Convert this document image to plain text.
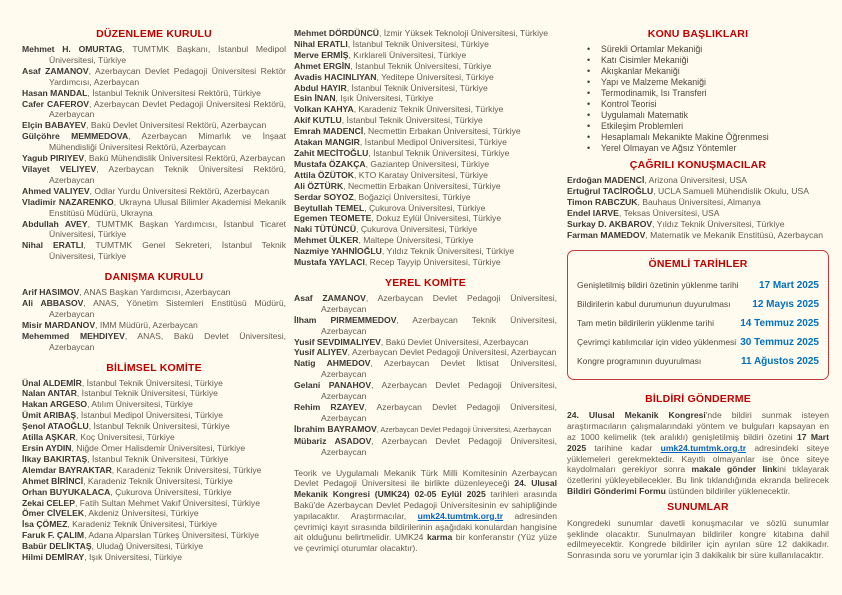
DÜZENLEME KURULU
Mehmet H. OMURTAG, TUMTMK Başkanı, İstanbul Medipol Üniversitesi, Türkiye
Asaf ZAMANOV, Azerbaycan Devlet Pedagoji Üniversitesi Rektör Yardımcısı, Azerbaycan
Hasan MANDAL, İstanbul Teknik Üniversitesi Rektörü, Türkiye
Cafer CAFEROV, Azerbaycan Devlet Pedagoji Üniversitesi Rektörü, Azerbaycan
Elçin BABAYEV, Bakü Devlet Üniversitesi Rektörü, Azerbaycan
Gülçöhre MEMMEDOVA, Azerbaycan Mimarlık ve İnşaat Mühendisliği Üniversitesi Rektörü, Azerbaycan
Yagub PIRIYEV, Bakü Mühendislik Üniversitesi Rektörü, Azerbaycan
Vilayet VELIYEV, Azerbaycan Teknik Üniversitesi Rektörü, Azerbaycan
Ahmed VALIYEV, Odlar Yurdu Üniversitesi Rektörü, Azerbaycan
Vladimir NAZARENKO, Ukrayna Ulusal Bilimler Akademisi Mekanik Enstitüsü Müdürü, Ukrayna
Abdullah AVEY, TUMTMK Başkan Yardımcısı, İstanbul Ticaret Üniversitesi, Türkiye
Nihal ERATLI, TUMTMK Genel Sekreteri, İstanbul Teknik Üniversitesi, Türkiye
DANIŞMA KURULU
Arif HASIMOV, ANAS Başkan Yardımcısı, Azerbaycan
Ali ABBASOV, ANAS, Yönetim Sistemleri Enstitüsü Müdürü, Azerbaycan
Misir MARDANOV, IMM Müdürü, Azerbaycan
Mehemmed MEHDIYEV, ANAS, Bakü Devlet Üniversitesi, Azerbaycan
BİLİMSEL KOMİTE
Ünal ALDEMİR, İstanbul Teknik Üniversitesi, Türkiye
Nalan ANTAR, İstanbul Teknik Üniversitesi, Türkiye
Hakan ARGESO, Atılım Üniversitesi, Türkiye
Ümit ARIBAŞ, İstanbul Medipol Üniversitesi, Türkiye
Şenol ATAOĞLU, İstanbul Teknik Üniversitesi, Türkiye
Atilla AŞKAR, Koç Üniversitesi, Türkiye
Ersin AYDIN, Niğde Ömer Halisdemir Üniversitesi, Türkiye
İlkay BAKIRTAŞ, İstanbul Teknik Üniversitesi, Türkiye
Alemdar BAYRAKTAR, Karadeniz Teknik Üniversitesi, Türkiye
Ahmet BİRİNCİ, Karadeniz Teknik Üniversitesi, Türkiye
Orhan BUYUKALACA, Çukurova Üniversitesi, Türkiye
Zekai CELEP, Fatih Sultan Mehmet Vakıf Üniversitesi, Türkiye
Ömer CİVELEK, Akdeniz Üniversitesi, Türkiye
İsa ÇÖMEZ, Karadeniz Teknik Üniversitesi, Türkiye
Faruk F. ÇALIM, Adana Alparslan Türkeş Üniversitesi, Türkiye
Babür DELİKTAŞ, Uludağ Üniversitesi, Türkiye
Hilmi DEMİRAY, Işık Üniversitesi, Türkiye
Mehmet DÖRDÜNCÜ, İzmir Yüksek Teknoloji Üniversitesi, Türkiye
Nihal ERATLI, İstanbul Teknik Üniversitesi, Türkiye
Merve ERMİŞ, Kırklareli Üniversitesi, Türkiye
Ahmet ERGİN, İstanbul Teknik Üniversitesi, Türkiye
Avadis HACINLIYAN, Yeditepe Üniversitesi, Türkiye
Abdul HAYIR, İstanbul Teknik Üniversitesi, Türkiye
Esin İNAN, Işık Üniversitesi, Türkiye
Volkan KAHYA, Karadeniz Teknik Üniversitesi, Türkiye
Akif KUTLU, İstanbul Teknik Üniversitesi, Türkiye
Emrah MADENCİ, Necmettin Erbakan Üniversitesi, Türkiye
Atakan MANGIR, İstanbul Medipol Üniversitesi, Türkiye
Zahit MECİTOĞLU, İstanbul Teknik Üniversitesi, Türkiye
Mustafa ÖZAKÇA, Gaziantep Üniversitesi, Türkiye
Attila ÖZÜTOK, KTO Karatay Üniversitesi, Türkiye
Ali ÖZTÜRK, Necmettin Erbakan Üniversitesi, Türkiye
Serdar SOYOZ, Boğaziçi Üniversitesi, Türkiye
Beytullah TEMEL, Çukurova Üniversitesi, Türkiye
Egemen TEOMETE, Dokuz Eylül Üniversitesi, Türkiye
Naki TÜTÜNCÜ, Çukurova Üniversitesi, Türkiye
Mehmet ÜLKER, Maltepe Üniversitesi, Türkiye
Nazmiye YAHNİOĞLU, Yıldız Teknik Üniversitesi, Türkiye
Mustafa YAYLACI, Recep Tayyip Üniversitesi, Türkiye
YEREL KOMİTE
Asaf ZAMANOV, Azerbaycan Devlet Pedagoji Üniversitesi, Azerbaycan
İlham PIRMEMMEDOV, Azerbaycan Teknik Üniversitesi, Azerbaycan
Yusif SEVDIMALIYEV, Bakü Devlet Üniversitesi, Azerbaycan
Yusif ALIYEV, Azerbaycan Devlet Pedagoji Üniversitesi, Azerbaycan
Natig AHMEDOV, Azerbaycan Devlet İktisat Üniversitesi, Azerbaycan
Gelani PANAHOV, Azerbaycan Devlet Pedagoji Üniversitesi, Azerbaycan
Rehim RZAYEV, Azerbaycan Devlet Pedagoji Üniversitesi, Azerbaycan
İbrahim BAYRAMOV, Azerbaycan Devlet Pedagoji Üniversitesi, Azerbaycan
Mübariz ASADOV, Azerbaycan Devlet Pedagoji Üniversitesi, Azerbaycan
Teorik ve Uygulamalı Mekanik Türk Milli Komitesinin Azerbaycan Devlet Pedagoji Üniversitesi ile birlikte düzenleyeceği 24. Ulusal Mekanik Kongresi (UMK24) 02-05 Eylül 2025 tarihleri arasında Bakü'de Azerbaycan Devlet Pedagoji Üniversitesinin ev sahipliğinde yapılacaktır. Araştırmacılar, umk24.tumtmk.org.tr adresinden çevrimiçi kayıt sırasında bildirilerinin aşağıdaki konulardan hangisine ait olduğunu belirtmelidir. UMK24 karma bir konferanstır (Yüz yüze ve çevrimiçi oturumlar olacaktır).
KONU BAŞLIKLARI
• Sürekli Ortamlar Mekaniği
• Katı Cisimler Mekaniği
• Akışkanlar Mekaniği
• Yapı ve Malzeme Mekaniği
• Termodinamik, Isı Transferi
• Kontrol Teorisi
• Uygulamalı Matematik
• Etkileşim Problemleri
• Hesaplamalı Mekanikte Makine Öğrenmesi
• Yerel Olmayan ve Ağsız Yöntemler
ÇAĞRILI KONUŞMACILAR
Erdoğan MADENCİ, Arizona Üniversitesi, USA
Ertuğrul TACİROĞLU, UCLA Samueli Mühendislik Okulu, USA
Timon RABCZUK, Bauhaus Üniversitesi, Almanya
Endel IARVE, Teksas Üniversitesi, USA
Surkay D. AKBAROV, Yıldız Teknik Üniversitesi, Türkiye
Farman MAMEDOV, Matematik ve Mekanik Enstitüsü, Azerbaycan
ÖNEMLİ TARİHLER
Genişletilmiş bildiri özetinin yüklenme tarihi 17 Mart 2025
Bildirilerin kabul durumunun duyurulması 12 Mayıs 2025
Tam metin bildirilerin yüklenme tarihi	14 Temmuz 2025
Çevrimçi katılımcılar için video yüklenmesi 30 Temmuz 2025
Kongre programının duyurulması	11 Ağustos 2025
BİLDİRİ GÖNDERME
24. Ulusal Mekanik Kongresi'nde bildiri sunmak isteyen araştırmacıların çalışmalarındaki yöntem ve bulguları kapsayan en az 1000 kelimelik (tek aralıklı) genişletilmiş bildiri özetini 17 Mart 2025 tarihine kadar umk24.tumtmk.org.tr adresindeki siteye yüklemeleri gerekmektedir. Kayıtlı olmayanlar ise önce siteye kaydolmaları gerekiyor sonra makale gönder linkini tıklayarak özetlerini yükleyebilecekler. Bu link tıklandığında ekranda belirecek Bildiri Gönderimi Formu üstünden bildiriler yüklenecektir.
SUNUMLAR
Kongredeki sunumlar davetli konuşmacılar ve sözlü sunumlar şeklinde olacaktır. Sunulmayan bildiriler kongre kitabına dahil edilmeyecektir. Kongrede bildiriler için ayrılan süre 12 dakikadır. Sonrasında soru ve yorumlar için 3 dakikalık bir süre kullanılacaktır.
